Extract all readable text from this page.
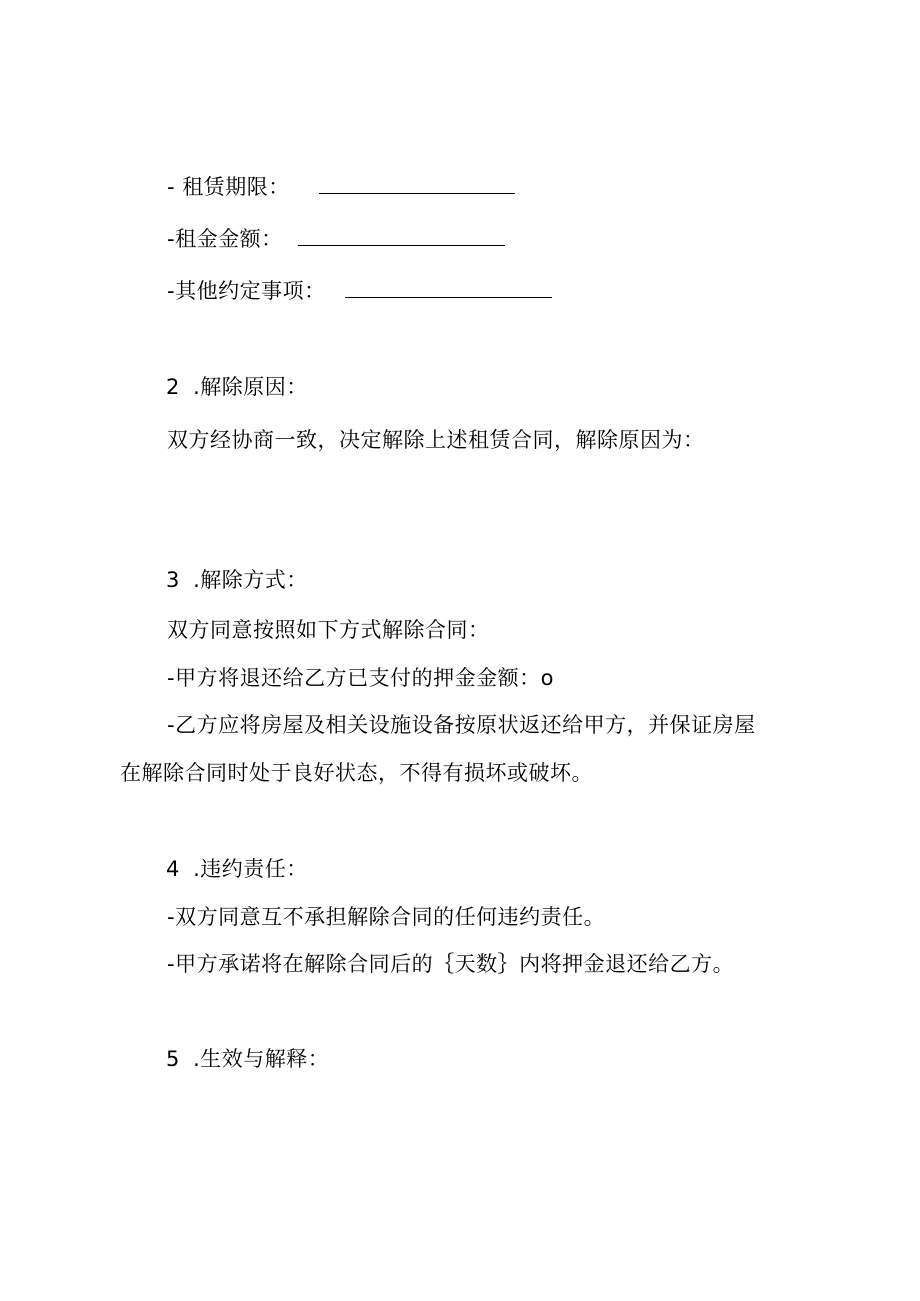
- 租赁期限：
-租金金额：
-其他约定事项：
2 .解除原因：
双方经协商一致，决定解除上述租赁合同，解除原因为：
3 .解除方式：
双方同意按照如下方式解除合同：
-甲方将退还给乙方已支付的押金金额：o
-乙方应将房屋及相关设施设备按原状返还给甲方，并保证房屋
在解除合同时处于良好状态，不得有损坏或破坏。
4 .违约责任：
-双方同意互不承担解除合同的任何违约责任。
-甲方承诺将在解除合同后的｛天数｝内将押金退还给乙方。
5 .生效与解释：
